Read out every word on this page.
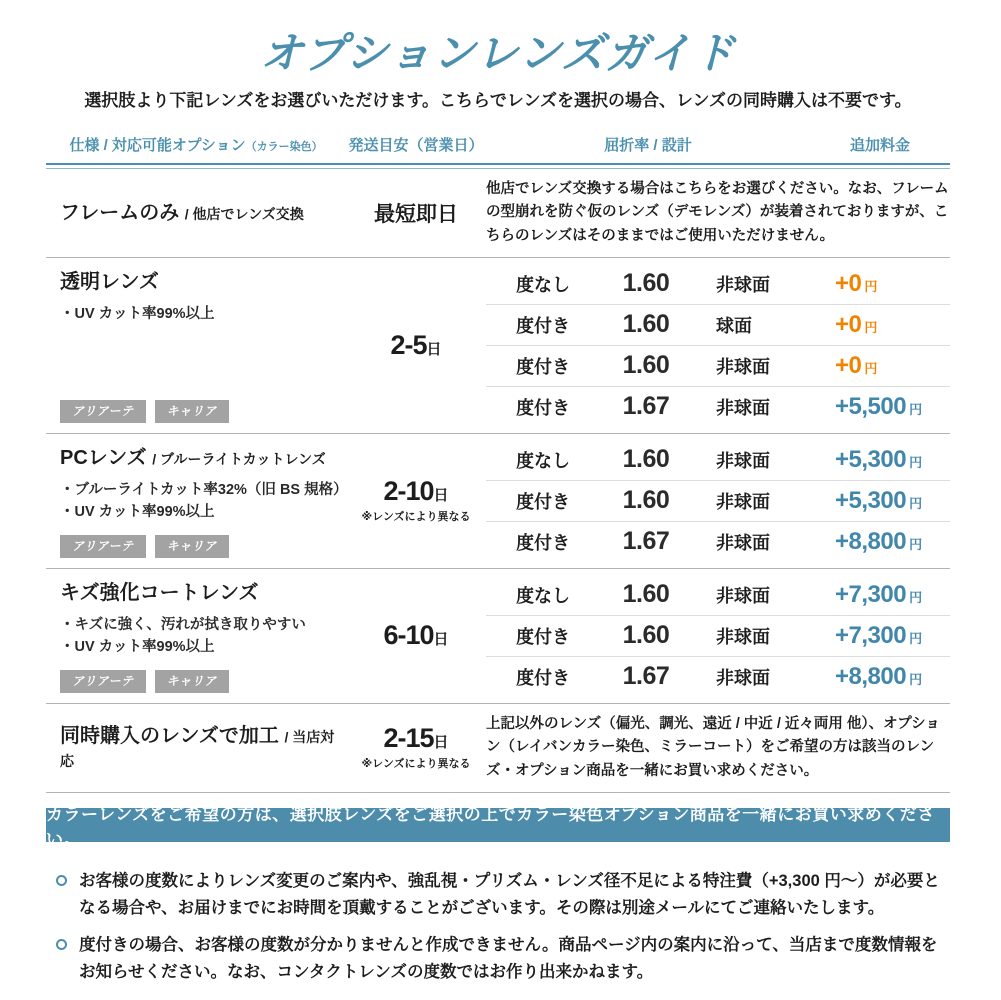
オプションレンズガイド
選択肢より下記レンズをお選びいただけます。こちらでレンズを選択の場合、レンズの同時購入は不要です。
仕様 / 対応可能オプション（カラー染色）	発送目安（営業日）	屈折率 / 設計	追加料金
フレームのみ / 他店でレンズ交換	最短即日
他店でレンズ交換する場合はこちらをお選びください。なお、フレームの型崩れを防ぐ仮のレンズ（デモレンズ）が装着されておりますが、こちらのレンズはそのままではご使用いただけません。
透明レンズ
・UV カット率99%以上
アリアーテ	キャリア
2-5日
度なし	1.60	非球面	+0 円
度付き	1.60	球面	+0 円
度付き	1.60	非球面	+0 円
度付き	1.67	非球面	+5,500 円
PCレンズ / ブルーライトカットレンズ
・ブルーライトカット率32%（旧 BS 規格）
・UV カット率99%以上
アリアーテ	キャリア
2-10日
※レンズにより異なる
度なし	1.60	非球面	+5,300 円
度付き	1.60	非球面	+5,300 円
度付き	1.67	非球面	+8,800 円
キズ強化コートレンズ
・キズに強く、汚れが拭き取りやすい
・UV カット率99%以上
アリアーテ	キャリア
6-10日
度なし	1.60	非球面	+7,300 円
度付き	1.60	非球面	+7,300 円
度付き	1.67	非球面	+8,800 円
同時購入のレンズで加工 / 当店対応
2-15日
※レンズにより異なる
上記以外のレンズ（偏光、調光、遠近 / 中近 / 近々両用 他）、オプション（レイバンカラー染色、ミラーコート）をご希望の方は該当のレンズ・オプション商品を一緒にお買い求めください。
カラーレンズをご希望の方は、選択肢レンズをご選択の上でカラー染色オプション商品を一緒にお買い求めください。
お客様の度数によりレンズ変更のご案内や、強乱視・プリズム・レンズ径不足による特注費（+3,300 円〜）が必要となる場合や、お届けまでにお時間を頂戴することがございます。その際は別途メールにてご連絡いたします。
度付きの場合、お客様の度数が分かりませんと作成できません。商品ページ内の案内に沿って、当店まで度数情報をお知らせください。なお、コンタクトレンズの度数ではお作り出来かねます。
